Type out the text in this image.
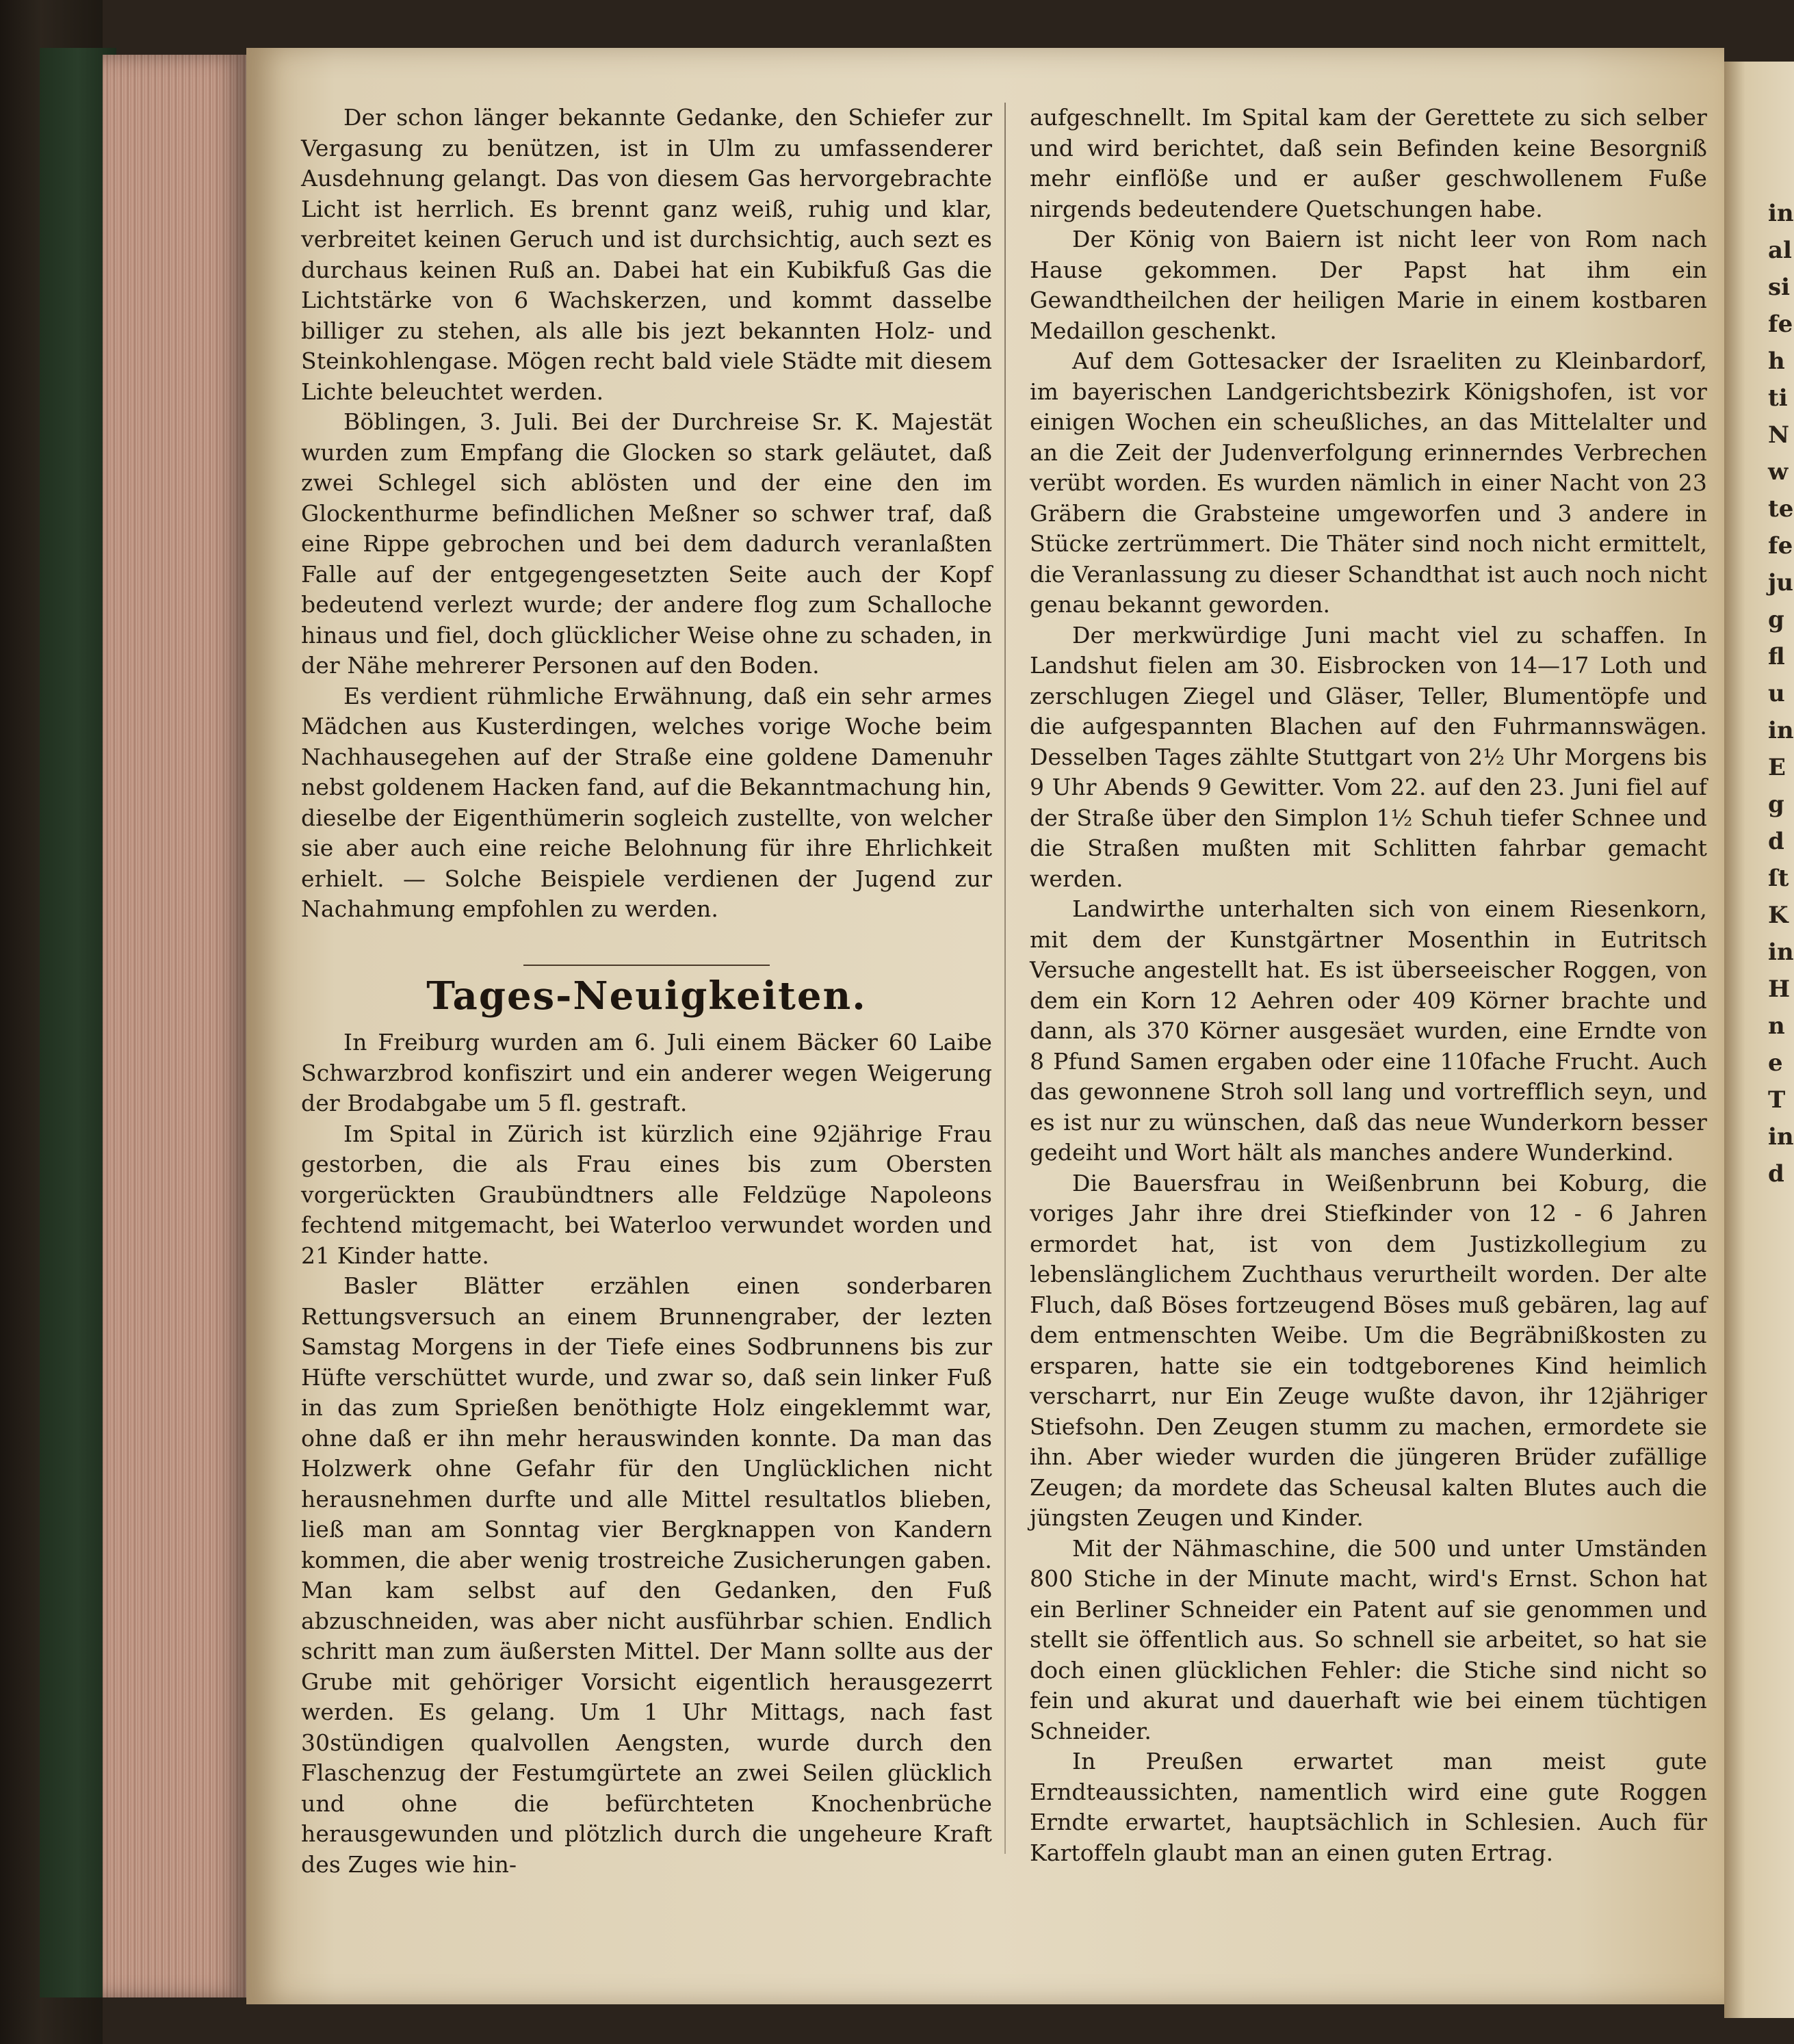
Der schon länger bekannte Gedanke, den Schiefer zur Vergasung zu benützen, ist in Ulm zu umfassenderer Ausdehnung gelangt. Das von diesem Gas hervorgebrachte Licht ist herrlich. Es brennt ganz weiß, ruhig und klar, verbreitet keinen Geruch und ist durchsichtig, auch sezt es durchaus keinen Ruß an. Dabei hat ein Kubikfuß Gas die Lichtstärke von 6 Wachskerzen, und kommt dasselbe billiger zu stehen, als alle bis jezt bekannten Holz- und Steinkohlengase. Mögen recht bald viele Städte mit diesem Lichte beleuchtet werden.

Böblingen, 3. Juli. Bei der Durchreise Sr. K. Majestät wurden zum Empfang die Glocken so stark geläutet, daß zwei Schlegel sich ablösten und der eine den im Glockenthurme befindlichen Meßner so schwer traf, daß eine Rippe gebrochen und bei dem dadurch veranlaßten Falle auf der entgegengesetzten Seite auch der Kopf bedeutend verlezt wurde; der andere flog zum Schalloche hinaus und fiel, doch glücklicher Weise ohne zu schaden, in der Nähe mehrerer Personen auf den Boden.

Es verdient rühmliche Erwähnung, daß ein sehr armes Mädchen aus Kusterdingen, welches vorige Woche beim Nachhausegehen auf der Straße eine goldene Damenuhr nebst goldenem Hacken fand, auf die Bekanntmachung hin, dieselbe der Eigenthümerin sogleich zustellte, von welcher sie aber auch eine reiche Belohnung für ihre Ehrlichkeit erhielt. — Solche Beispiele verdienen der Jugend zur Nachahmung empfohlen zu werden.

Tages-Neuigkeiten.

In Freiburg wurden am 6. Juli einem Bäcker 60 Laibe Schwarzbrod konfiszirt und ein anderer wegen Weigerung der Brodabgabe um 5 fl. gestraft.

Im Spital in Zürich ist kürzlich eine 92jährige Frau gestorben, die als Frau eines bis zum Obersten vorgerückten Graubündtners alle Feldzüge Napoleons fechtend mitgemacht, bei Waterloo verwundet worden und 21 Kinder hatte.

Basler Blätter erzählen einen sonderbaren Rettungsversuch an einem Brunnengraber, der lezten Samstag Morgens in der Tiefe eines Sodbrunnens bis zur Hüfte verschüttet wurde, und zwar so, daß sein linker Fuß in das zum Sprießen benöthigte Holz eingeklemmt war, ohne daß er ihn mehr herauswinden konnte. Da man das Holzwerk ohne Gefahr für den Unglücklichen nicht herausnehmen durfte und alle Mittel resultatlos blieben, ließ man am Sonntag vier Bergknappen von Kandern kommen, die aber wenig trostreiche Zusicherungen gaben. Man kam selbst auf den Gedanken, den Fuß abzuschneiden, was aber nicht ausführbar schien. Endlich schritt man zum äußersten Mittel. Der Mann sollte aus der Grube mit gehöriger Vorsicht eigentlich herausgezerrt werden. Es gelang. Um 1 Uhr Mittags, nach fast 30stündigen qualvollen Aengsten, wurde durch den Flaschenzug der Festumgürtete an zwei Seilen glücklich und ohne die befürchteten Knochenbrüche herausgewunden und plötzlich durch die ungeheure Kraft des Zuges wie hin-

aufgeschnellt. Im Spital kam der Gerettete zu sich selber und wird berichtet, daß sein Befinden keine Besorgniß mehr einflöße und er außer geschwollenem Fuße nirgends bedeutendere Quetschungen habe.

Der König von Baiern ist nicht leer von Rom nach Hause gekommen. Der Papst hat ihm ein Gewandtheilchen der heiligen Marie in einem kostbaren Medaillon geschenkt.

Auf dem Gottesacker der Israeliten zu Kleinbardorf, im bayerischen Landgerichtsbezirk Königshofen, ist vor einigen Wochen ein scheußliches, an das Mittelalter und an die Zeit der Judenverfolgung erinnerndes Verbrechen verübt worden. Es wurden nämlich in einer Nacht von 23 Gräbern die Grabsteine umgeworfen und 3 andere in Stücke zertrümmert. Die Thäter sind noch nicht ermittelt, die Veranlassung zu dieser Schandthat ist auch noch nicht genau bekannt geworden.

Der merkwürdige Juni macht viel zu schaffen. In Landshut fielen am 30. Eisbrocken von 14—17 Loth und zerschlugen Ziegel und Gläser, Teller, Blumentöpfe und die aufgespannten Blachen auf den Fuhrmannswägen. Desselben Tages zählte Stuttgart von 2½ Uhr Morgens bis 9 Uhr Abends 9 Gewitter. Vom 22. auf den 23. Juni fiel auf der Straße über den Simplon 1½ Schuh tiefer Schnee und die Straßen mußten mit Schlitten fahrbar gemacht werden.

Landwirthe unterhalten sich von einem Riesenkorn, mit dem der Kunstgärtner Mosenthin in Eutritsch Versuche angestellt hat. Es ist überseeischer Roggen, von dem ein Korn 12 Aehren oder 409 Körner brachte und dann, als 370 Körner ausgesäet wurden, eine Erndte von 8 Pfund Samen ergaben oder eine 110fache Frucht. Auch das gewonnene Stroh soll lang und vortrefflich seyn, und es ist nur zu wünschen, daß das neue Wunderkorn besser gedeiht und Wort hält als manches andere Wunderkind.

Die Bauersfrau in Weißenbrunn bei Koburg, die voriges Jahr ihre drei Stiefkinder von 12 - 6 Jahren ermordet hat, ist von dem Justizkollegium zu lebenslänglichem Zuchthaus verurtheilt worden. Der alte Fluch, daß Böses fortzeugend Böses muß gebären, lag auf dem entmenschten Weibe. Um die Begräbnißkosten zu ersparen, hatte sie ein todtgeborenes Kind heimlich verscharrt, nur Ein Zeuge wußte davon, ihr 12jähriger Stiefsohn. Den Zeugen stumm zu machen, ermordete sie ihn. Aber wieder wurden die jüngeren Brüder zufällige Zeugen; da mordete das Scheusal kalten Blutes auch die jüngsten Zeugen und Kinder.

Mit der Nähmaschine, die 500 und unter Umständen 800 Stiche in der Minute macht, wird's Ernst. Schon hat ein Berliner Schneider ein Patent auf sie genommen und stellt sie öffentlich aus. So schnell sie arbeitet, so hat sie doch einen glücklichen Fehler: die Stiche sind nicht so fein und akurat und dauerhaft wie bei einem tüchtigen Schneider.

In Preußen erwartet man meist gute Erndteaussichten, namentlich wird eine gute Roggen Erndte erwartet, hauptsächlich in Schlesien. Auch für Kartoffeln glaubt man an einen guten Ertrag.

in
al
si
fe
h
ti
N
w
te
fe
ju
g
fl
u
in
E
g
d
ſt
K
in
H
n
e
T
in
d
